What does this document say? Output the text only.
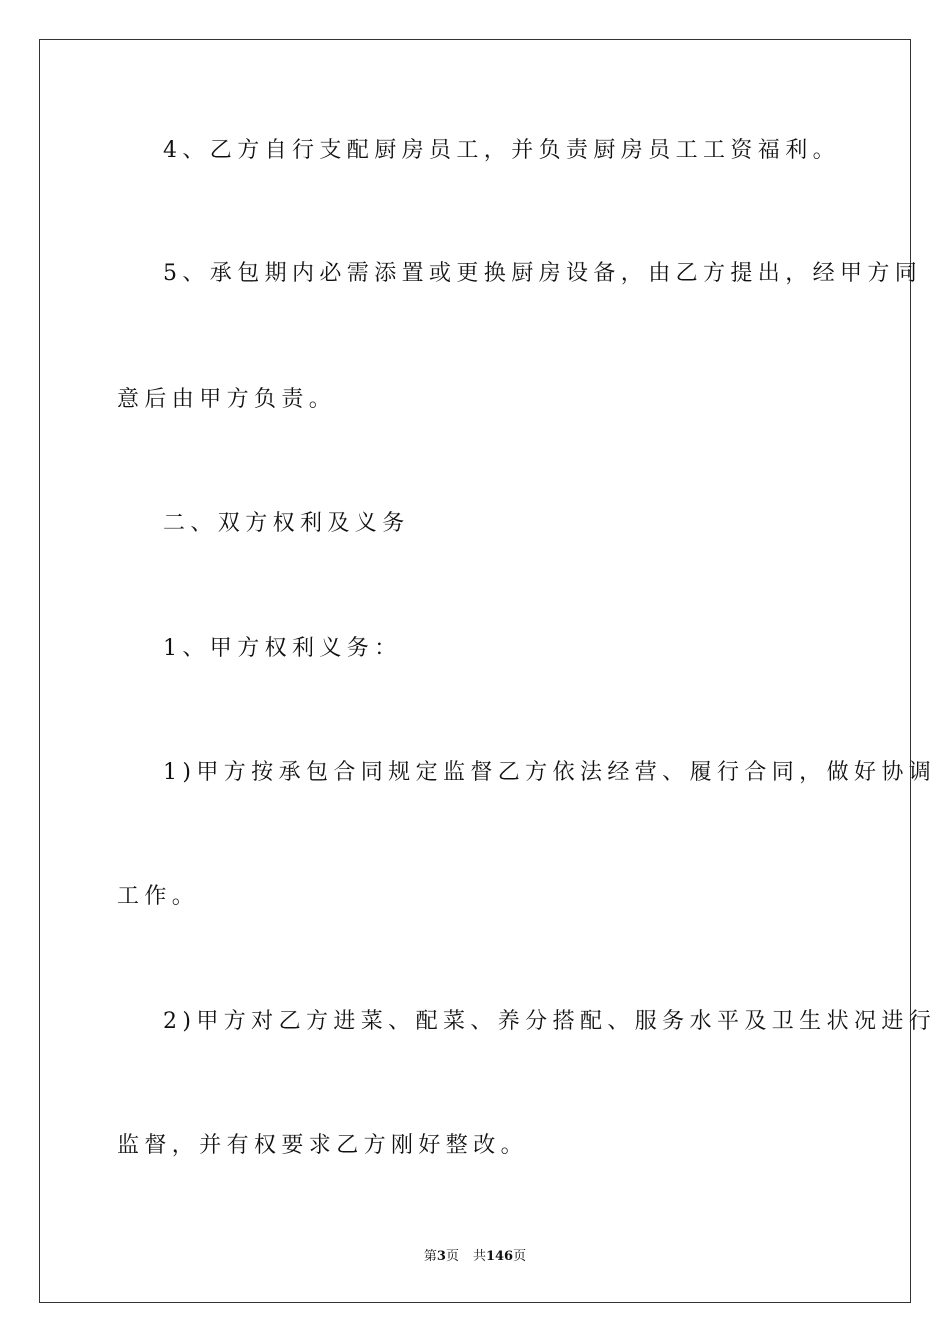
4、乙方自行支配厨房员工，并负责厨房员工工资福利。

5、承包期内必需添置或更换厨房设备，由乙方提出，经甲方同

意后由甲方负责。

二、双方权利及义务

1、甲方权利义务：

1)甲方按承包合同规定监督乙方依法经营、履行合同，做好协调

工作。

2)甲方对乙方进菜、配菜、养分搭配、服务水平及卫生状况进行

监督，并有权要求乙方刚好整改。

第3页 共146页
